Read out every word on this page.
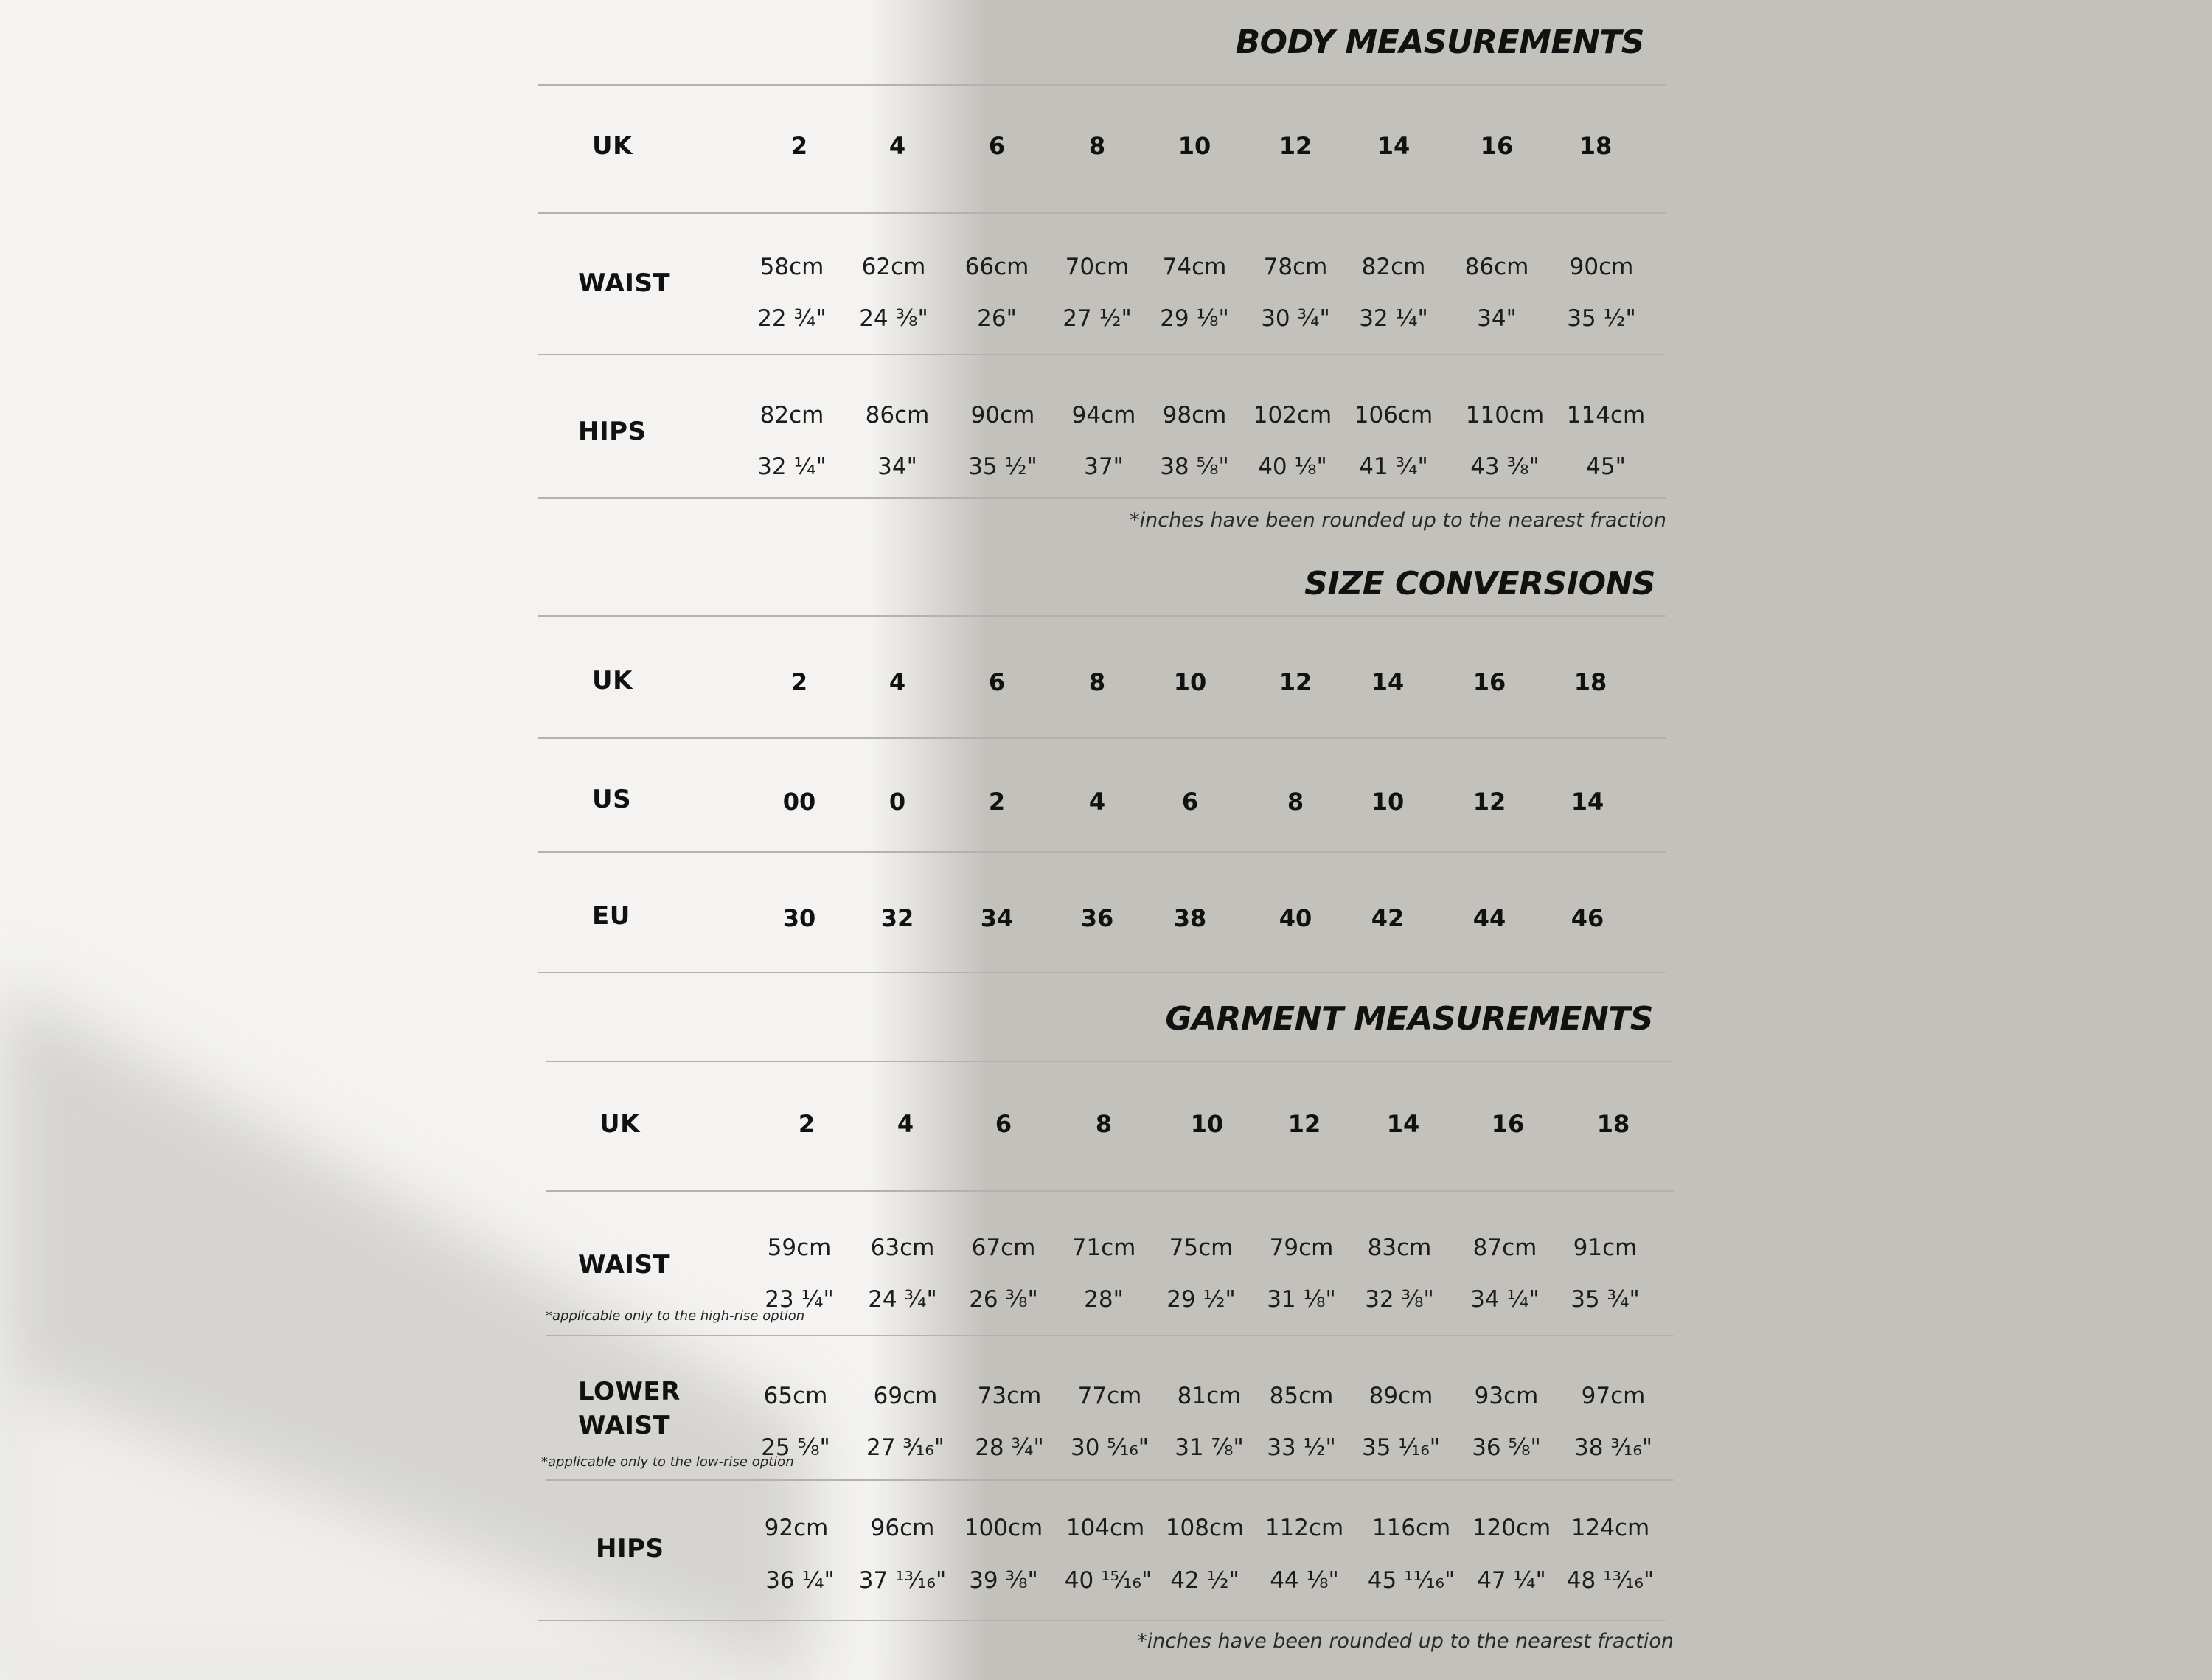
BODY MEASUREMENTS
UK	2	4	6	8	10	12	14	16	18
WAIST
58cm 62cm 66cm 70cm 74cm 78cm 82cm 86cm 90cm
22 ¾" 24 ⅜" 26" 27 ½" 29 ⅛" 30 ¾" 32 ¼" 34" 35 ½"
HIPS
82cm 86cm 90cm 94cm 98cm 102cm 106cm 110cm 114cm
32 ¼" 34" 35 ½" 37" 38 ⅝" 40 ⅛" 41 ¾" 43 ⅜" 45"
*inches have been rounded up to the nearest fraction
SIZE CONVERSIONS
UK	2	4	6	8	10	12	14	16	18
US	00	0	2	4	6	8	10	12	14
EU	30	32	34	36	38	40	42	44	46
GARMENT MEASUREMENTS
UK	2	4	6	8	10	12	14	16	18
WAIST
*applicable only to the high-rise option
59cm 63cm 67cm 71cm 75cm 79cm 83cm 87cm 91cm
23 ¼" 24 ¾" 26 ⅜" 28" 29 ½" 31 ⅛" 32 ⅜" 34 ¼" 35 ¾"
LOWER WAIST
*applicable only to the low-rise option
65cm 69cm 73cm 77cm 81cm 85cm 89cm 93cm 97cm
25 ⅝" 27 ³⁄₁₆" 28 ¾" 30 ⁵⁄₁₆" 31 ⅞" 33 ½" 35 ¹⁄₁₆" 36 ⅝" 38 ³⁄₁₆"
HIPS
92cm 96cm 100cm 104cm 108cm 112cm 116cm 120cm 124cm
36 ¼" 37 ¹³⁄₁₆" 39 ⅜" 40 ¹⁵⁄₁₆" 42 ½" 44 ⅛" 45 ¹¹⁄₁₆" 47 ¼" 48 ¹³⁄₁₆"
*inches have been rounded up to the nearest fraction
